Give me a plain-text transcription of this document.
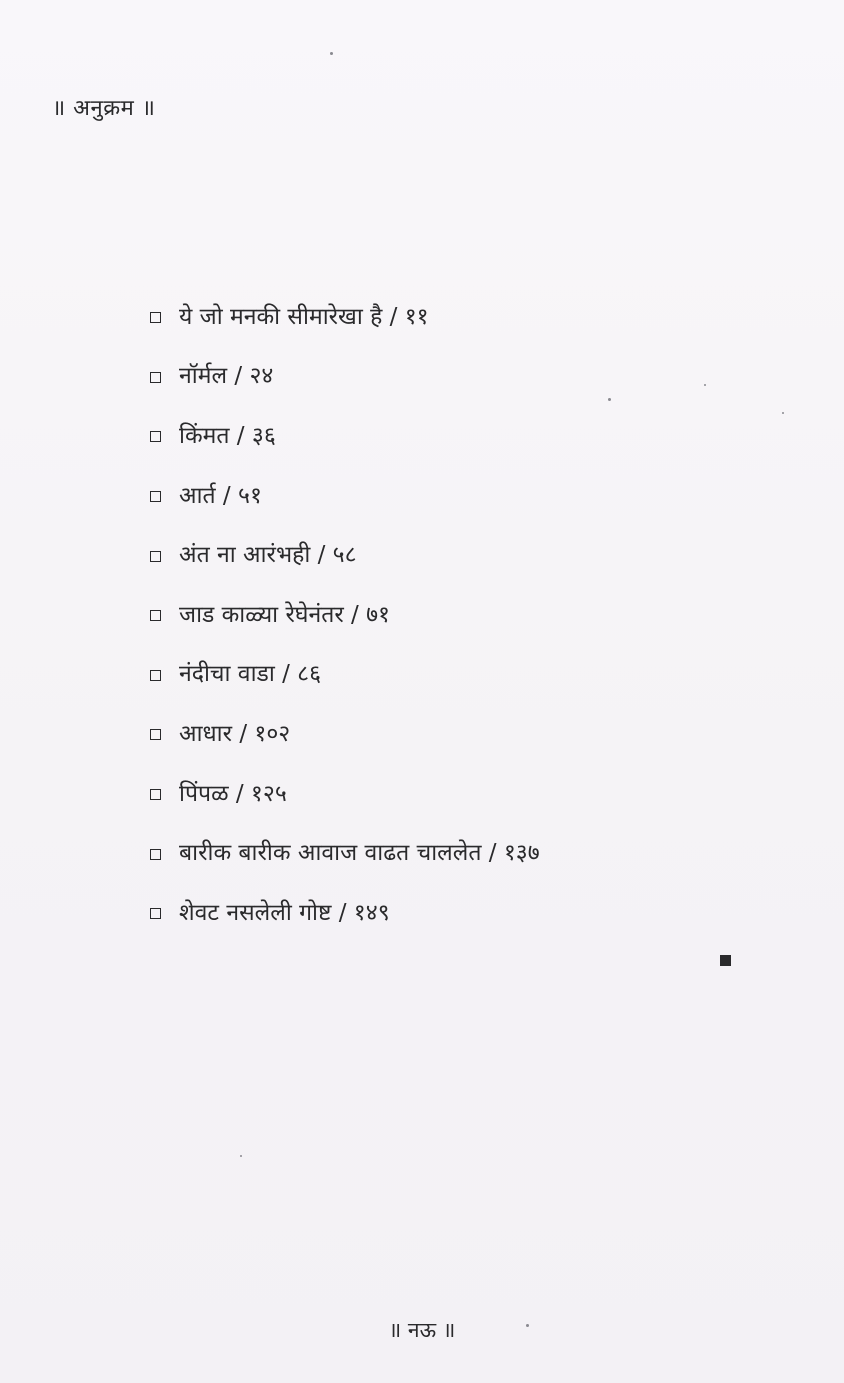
॥ अनुक्रम ॥
ये जो मनकी सीमारेखा है / ११
नॉर्मल / २४
किंमत / ३६
आर्त / ५१
अंत ना आरंभही / ५८
जाड काळ्या रेघेनंतर / ७१
नंदीचा वाडा / ८६
आधार / १०२
पिंपळ / १२५
बारीक बारीक आवाज वाढत चाललेत / १३७
शेवट नसलेली गोष्ट / १४९
॥ नऊ ॥
